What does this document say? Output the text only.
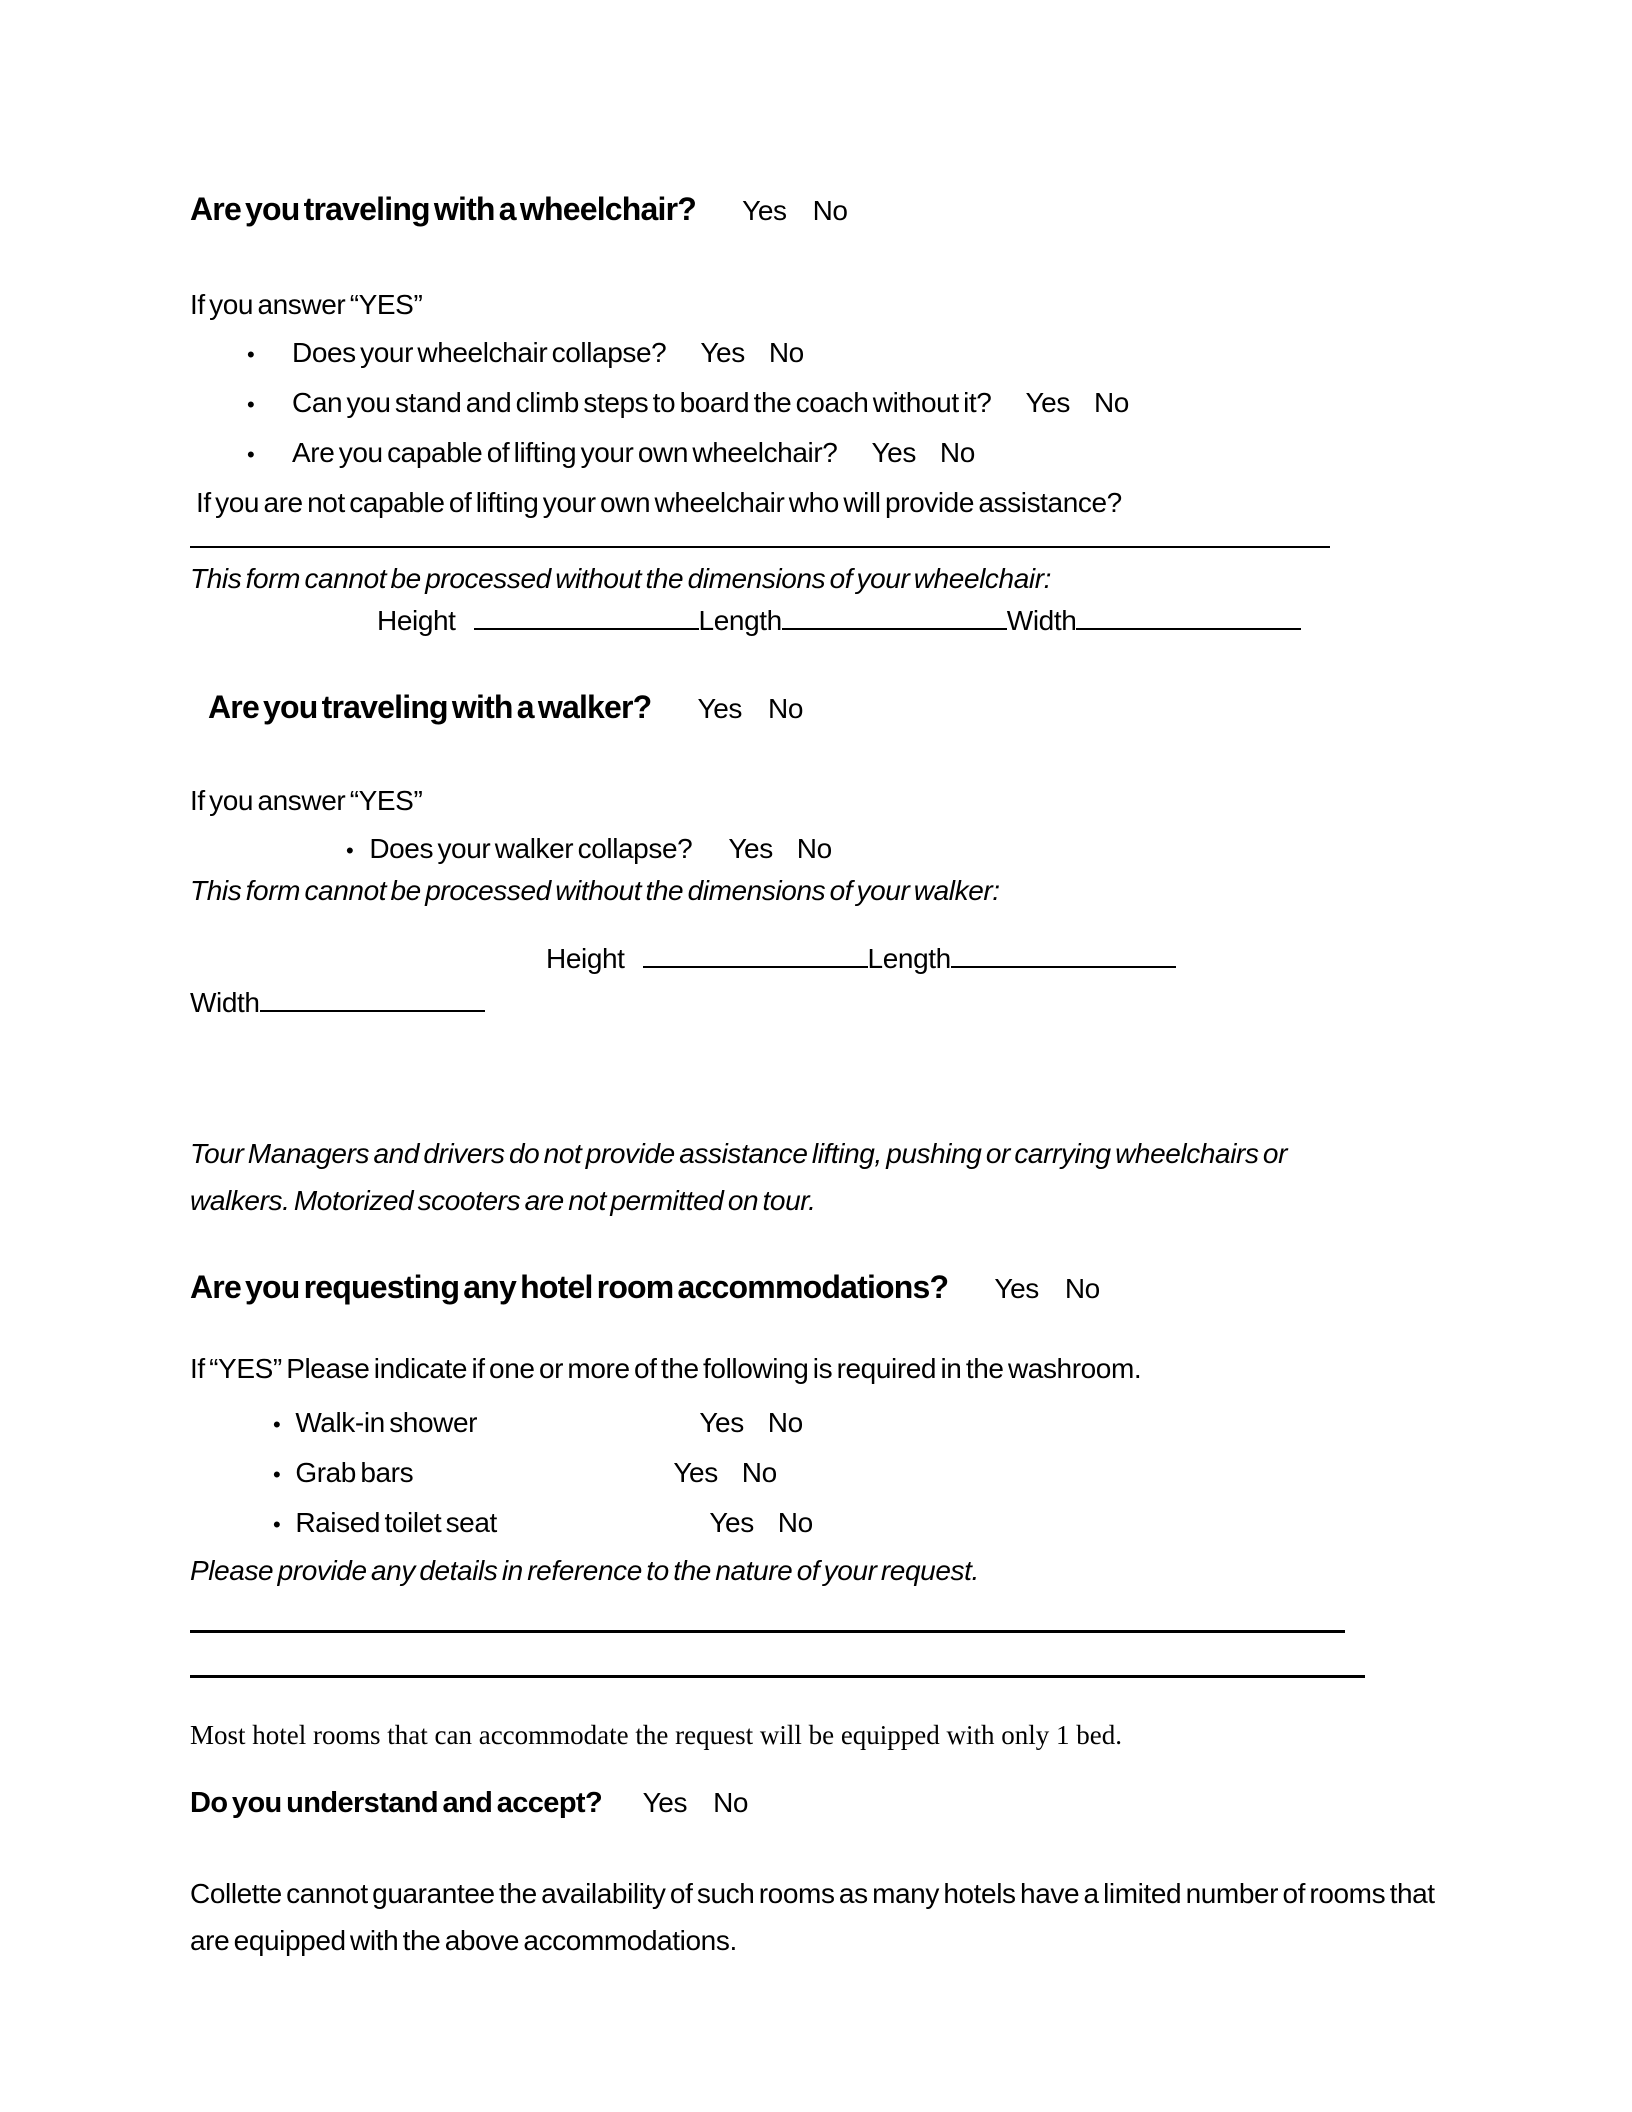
Are you traveling with a wheelchair? Yes No
If you answer “YES”
•
Does your wheelchair collapse? Yes No
•
Can you stand and climb steps to board the coach without it? Yes No
•
Are you capable of lifting your own wheelchair? Yes No
If you are not capable of lifting your own wheelchair who will provide assistance?
This form cannot be processed without the dimensions of your wheelchair:
Height	Length	Width
Are you traveling with a walker? Yes No
If you answer “YES”
•
Does your walker collapse? Yes No
This form cannot be processed without the dimensions of your walker:
Height	Length
Width
Tour Managers and drivers do not provide assistance lifting, pushing or carrying wheelchairs or walkers. Motorized scooters are not permitted on tour.
Are you requesting any hotel room accommodations? Yes No
If “YES” Please indicate if one or more of the following is required in the washroom.
•
Walk-in shower	Yes No
•
Grab bars	Yes No
•
Raised toilet seat	Yes No
Please provide any details in reference to the nature of your request.
Most hotel rooms that can accommodate the request will be equipped with only 1 bed.
Do you understand and accept? Yes No
Collette cannot guarantee the availability of such rooms as many hotels have a limited number of rooms that are equipped with the above accommodations.
